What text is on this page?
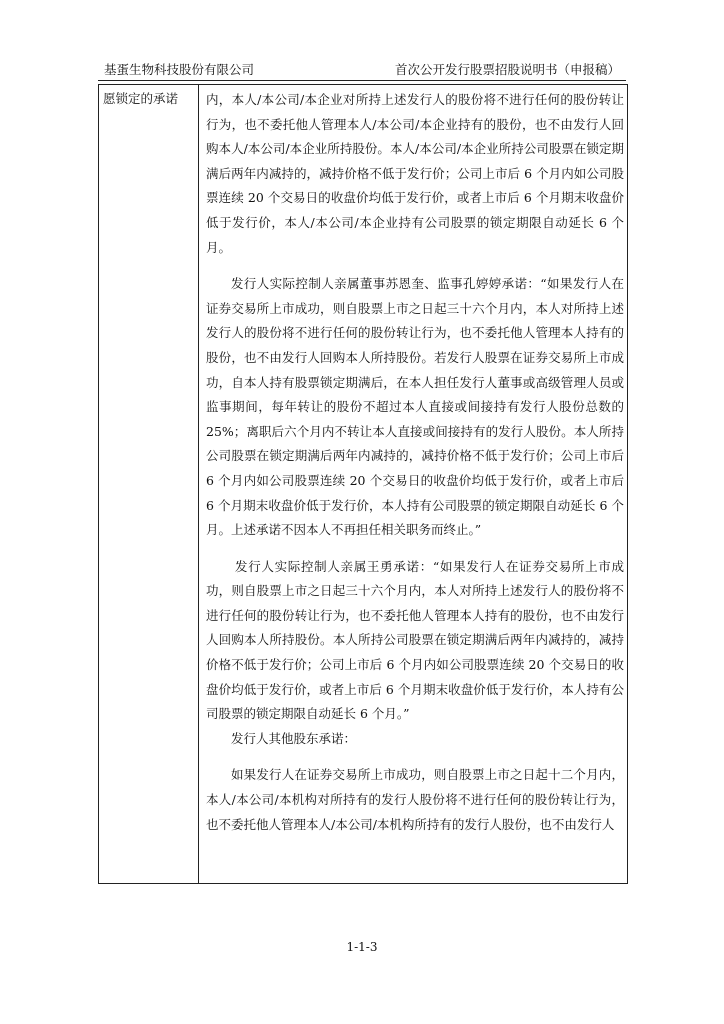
基蛋生物科技股份有限公司	首次公开发行股票招股说明书（申报稿）
愿锁定的承诺 内，本人/本公司/本企业对所持上述发行人的股份将不进行任何的股份转让行为，也不委托他人管理本人/本公司/本企业持有的股份，也不由发行人回购本人/本公司/本企业所持股份。本人/本公司/本企业所持公司股票在锁定期满后两年内减持的，减持价格不低于发行价；公司上市后 6 个月内如公司股票连续 20 个交易日的收盘价均低于发行价，或者上市后 6 个月期末收盘价低于发行价，本人/本公司/本企业持有公司股票的锁定期限自动延长 6 个月。

发行人实际控制人亲属董事苏恩奎、监事孔婷婷承诺：“如果发行人在证券交易所上市成功，则自股票上市之日起三十六个月内，本人对所持上述发行人的股份将不进行任何的股份转让行为，也不委托他人管理本人持有的股份，也不由发行人回购本人所持股份。若发行人股票在证券交易所上市成功，自本人持有股票锁定期满后，在本人担任发行人董事或高级管理人员或监事期间，每年转让的股份不超过本人直接或间接持有发行人股份总数的 25%；离职后六个月内不转让本人直接或间接持有的发行人股份。本人所持公司股票在锁定期满后两年内减持的，减持价格不低于发行价；公司上市后 6 个月内如公司股票连续 20 个交易日的收盘价均低于发行价，或者上市后 6 个月期末收盘价低于发行价，本人持有公司股票的锁定期限自动延长 6 个月。上述承诺不因本人不再担任相关职务而终止。”

发行人实际控制人亲属王勇承诺：“如果发行人在证券交易所上市成功，则自股票上市之日起三十六个月内，本人对所持上述发行人的股份将不进行任何的股份转让行为，也不委托他人管理本人持有的股份，也不由发行人回购本人所持股份。本人所持公司股票在锁定期满后两年内减持的，减持价格不低于发行价；公司上市后 6 个月内如公司股票连续 20 个交易日的收盘价均低于发行价，或者上市后 6 个月期末收盘价低于发行价，本人持有公司股票的锁定期限自动延长 6 个月。”

发行人其他股东承诺：

如果发行人在证券交易所上市成功，则自股票上市之日起十二个月内，本人/本公司/本机构对所持有的发行人股份将不进行任何的股份转让行为，也不委托他人管理本人/本公司/本机构所持有的发行人股份，也不由发行人

1-1-3
